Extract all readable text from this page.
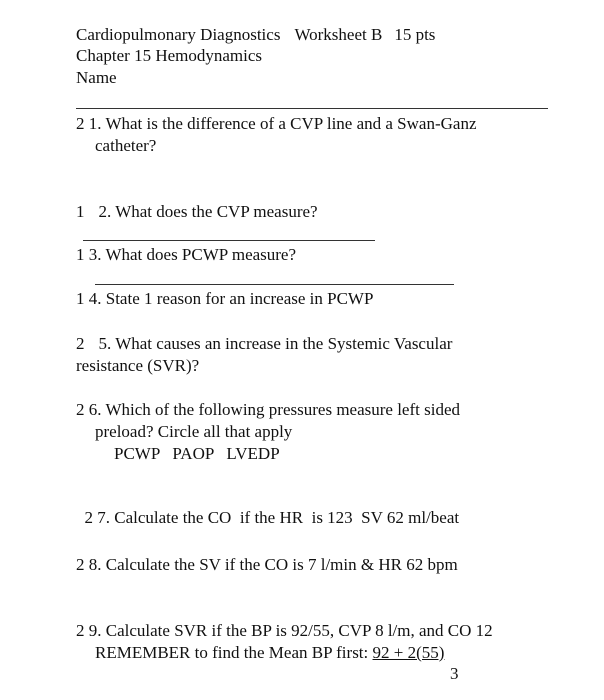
Cardiopulmonary Diagnostics Worksheet B 15 pts
Chapter 15 Hemodynamics
Name
2 1. What is the difference of a CVP line and a Swan-Ganz
catheter?
1 2. What does the CVP measure?
1 3. What does PCWP measure?
1 4. State 1 reason for an increase in PCWP
2 5. What causes an increase in the Systemic Vascular
resistance (SVR)?
2 6. Which of the following pressures measure left sided
preload? Circle all that apply
PCWP   PAOP   LVEDP

2 7. Calculate the CO  if the HR  is 123  SV 62 ml/beat

2 8. Calculate the SV if the CO is 7 l/min & HR 62 bpm
2 9. Calculate SVR if the BP is 92/55, CVP 8 l/m, and CO 12
REMEMBER to find the Mean BP first: 92 + 2(55)
3
